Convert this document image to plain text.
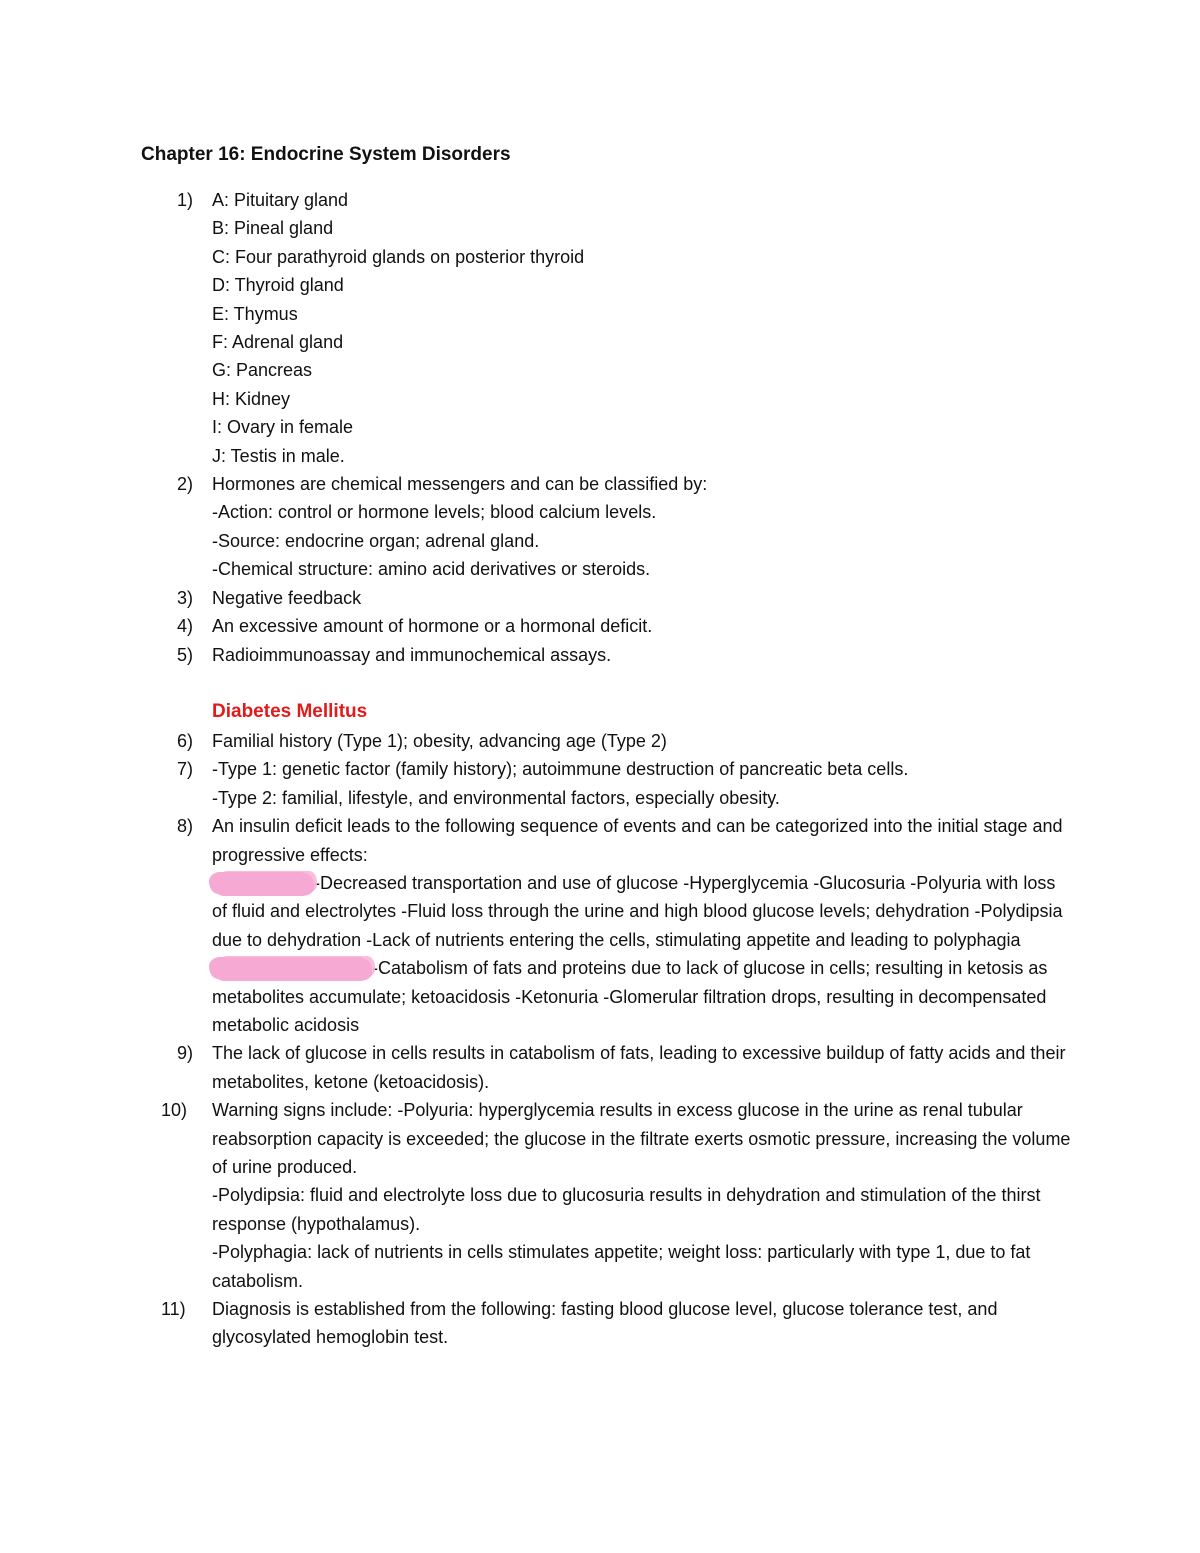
Chapter 16: Endocrine System Disorders
1) A: Pituitary gland
B: Pineal gland
C: Four parathyroid glands on posterior thyroid
D: Thyroid gland
E: Thymus
F: Adrenal gland
G: Pancreas
H: Kidney
I: Ovary in female
J: Testis in male.
2) Hormones are chemical messengers and can be classified by:
-Action: control or hormone levels; blood calcium levels.
-Source: endocrine organ; adrenal gland.
-Chemical structure: amino acid derivatives or steroids.
3) Negative feedback
4) An excessive amount of hormone or a hormonal deficit.
5) Radioimmunoassay and immunochemical assays.
Diabetes Mellitus
6) Familial history (Type 1); obesity, advancing age (Type 2)
7) -Type 1: genetic factor (family history); autoimmune destruction of pancreatic beta cells.
-Type 2: familial, lifestyle, and environmental factors, especially obesity.
8) An insulin deficit leads to the following sequence of events and can be categorized into the initial stage and progressive effects:
-Decreased transportation and use of glucose -Hyperglycemia -Glucosuria -Polyuria with loss of fluid and electrolytes -Fluid loss through the urine and high blood glucose levels; dehydration -Polydipsia due to dehydration -Lack of nutrients entering the cells, stimulating appetite and leading to polyphagia
-Catabolism of fats and proteins due to lack of glucose in cells; resulting in ketosis as metabolites accumulate; ketoacidosis -Ketonuria -Glomerular filtration drops, resulting in decompensated metabolic acidosis
9) The lack of glucose in cells results in catabolism of fats, leading to excessive buildup of fatty acids and their metabolites, ketone (ketoacidosis).
10) Warning signs include: -Polyuria: hyperglycemia results in excess glucose in the urine as renal tubular reabsorption capacity is exceeded; the glucose in the filtrate exerts osmotic pressure, increasing the volume of urine produced.
-Polydipsia: fluid and electrolyte loss due to glucosuria results in dehydration and stimulation of the thirst response (hypothalamus).
-Polyphagia: lack of nutrients in cells stimulates appetite; weight loss: particularly with type 1, due to fat catabolism.
11) Diagnosis is established from the following: fasting blood glucose level, glucose tolerance test, and glycosylated hemoglobin test.
